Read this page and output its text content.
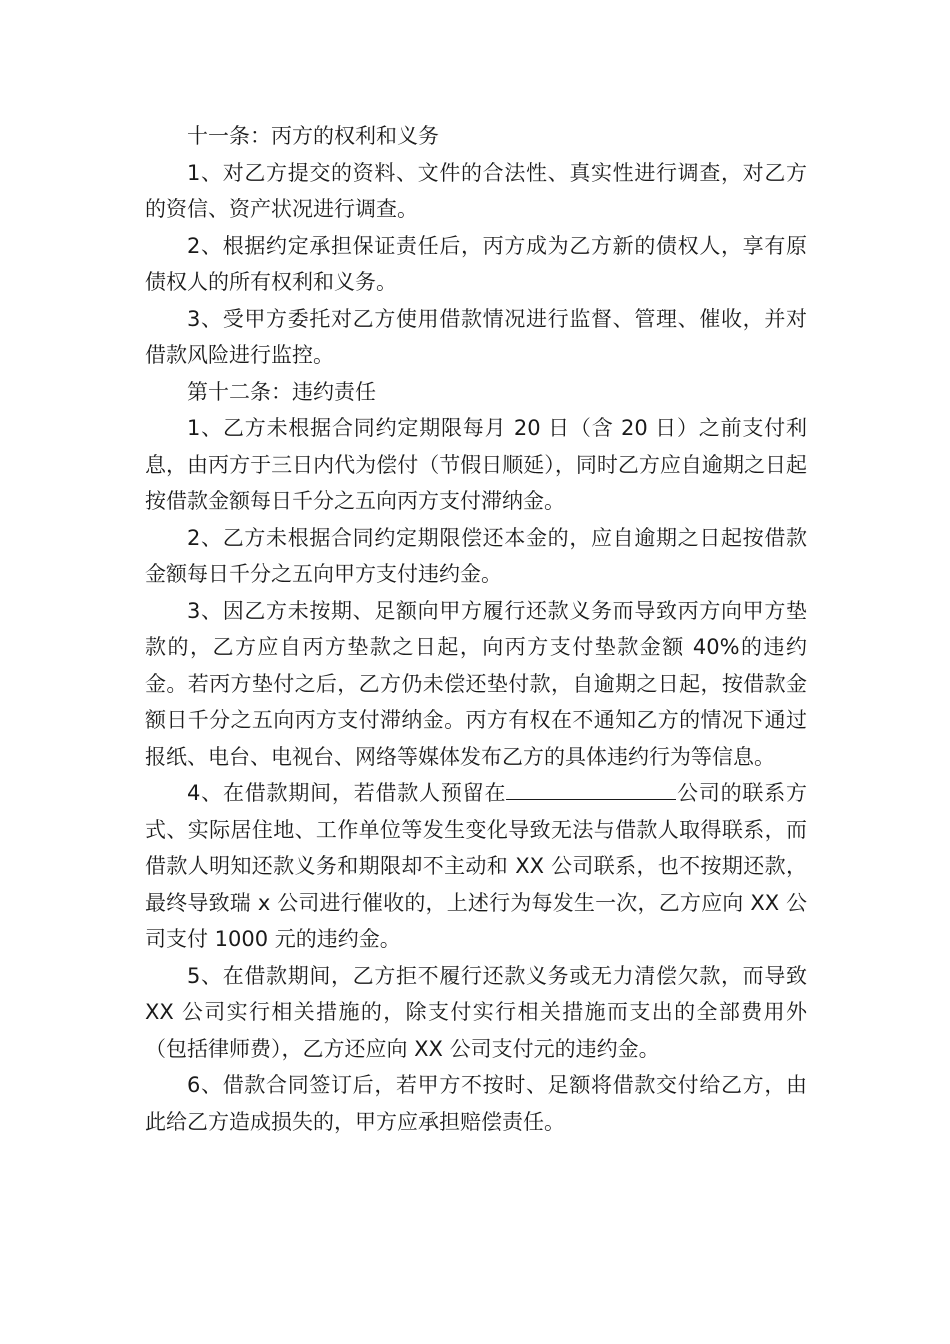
十一条：丙方的权利和义务

1、对乙方提交的资料、文件的合法性、真实性进行调查，对乙方的资信、资产状况进行调查。

2、根据约定承担保证责任后，丙方成为乙方新的债权人，享有原债权人的所有权利和义务。

3、受甲方委托对乙方使用借款情况进行监督、管理、催收，并对借款风险进行监控。

第十二条：违约责任

1、乙方未根据合同约定期限每月 20 日（含 20 日）之前支付利息，由丙方于三日内代为偿付（节假日顺延），同时乙方应自逾期之日起按借款金额每日千分之五向丙方支付滞纳金。

2、乙方未根据合同约定期限偿还本金的，应自逾期之日起按借款金额每日千分之五向甲方支付违约金。

3、因乙方未按期、足额向甲方履行还款义务而导致丙方向甲方垫款的，乙方应自丙方垫款之日起，向丙方支付垫款金额 40%的违约金。若丙方垫付之后，乙方仍未偿还垫付款，自逾期之日起，按借款金额日千分之五向丙方支付滞纳金。丙方有权在不通知乙方的情况下通过报纸、电台、电视台、网络等媒体发布乙方的具体违约行为等信息。

4、在借款期间，若借款人预留在	公司的联系方式、实际居住地、工作单位等发生变化导致无法与借款人取得联系，而借款人明知还款义务和期限却不主动和 XX 公司联系，也不按期还款，最终导致瑞 x 公司进行催收的，上述行为每发生一次，乙方应向 XX 公司支付 1000 元的违约金。

5、在借款期间，乙方拒不履行还款义务或无力清偿欠款，而导致 XX 公司实行相关措施的，除支付实行相关措施而支出的全部费用外（包括律师费），乙方还应向 XX 公司支付元的违约金。

6、借款合同签订后，若甲方不按时、足额将借款交付给乙方，由此给乙方造成损失的，甲方应承担赔偿责任。
